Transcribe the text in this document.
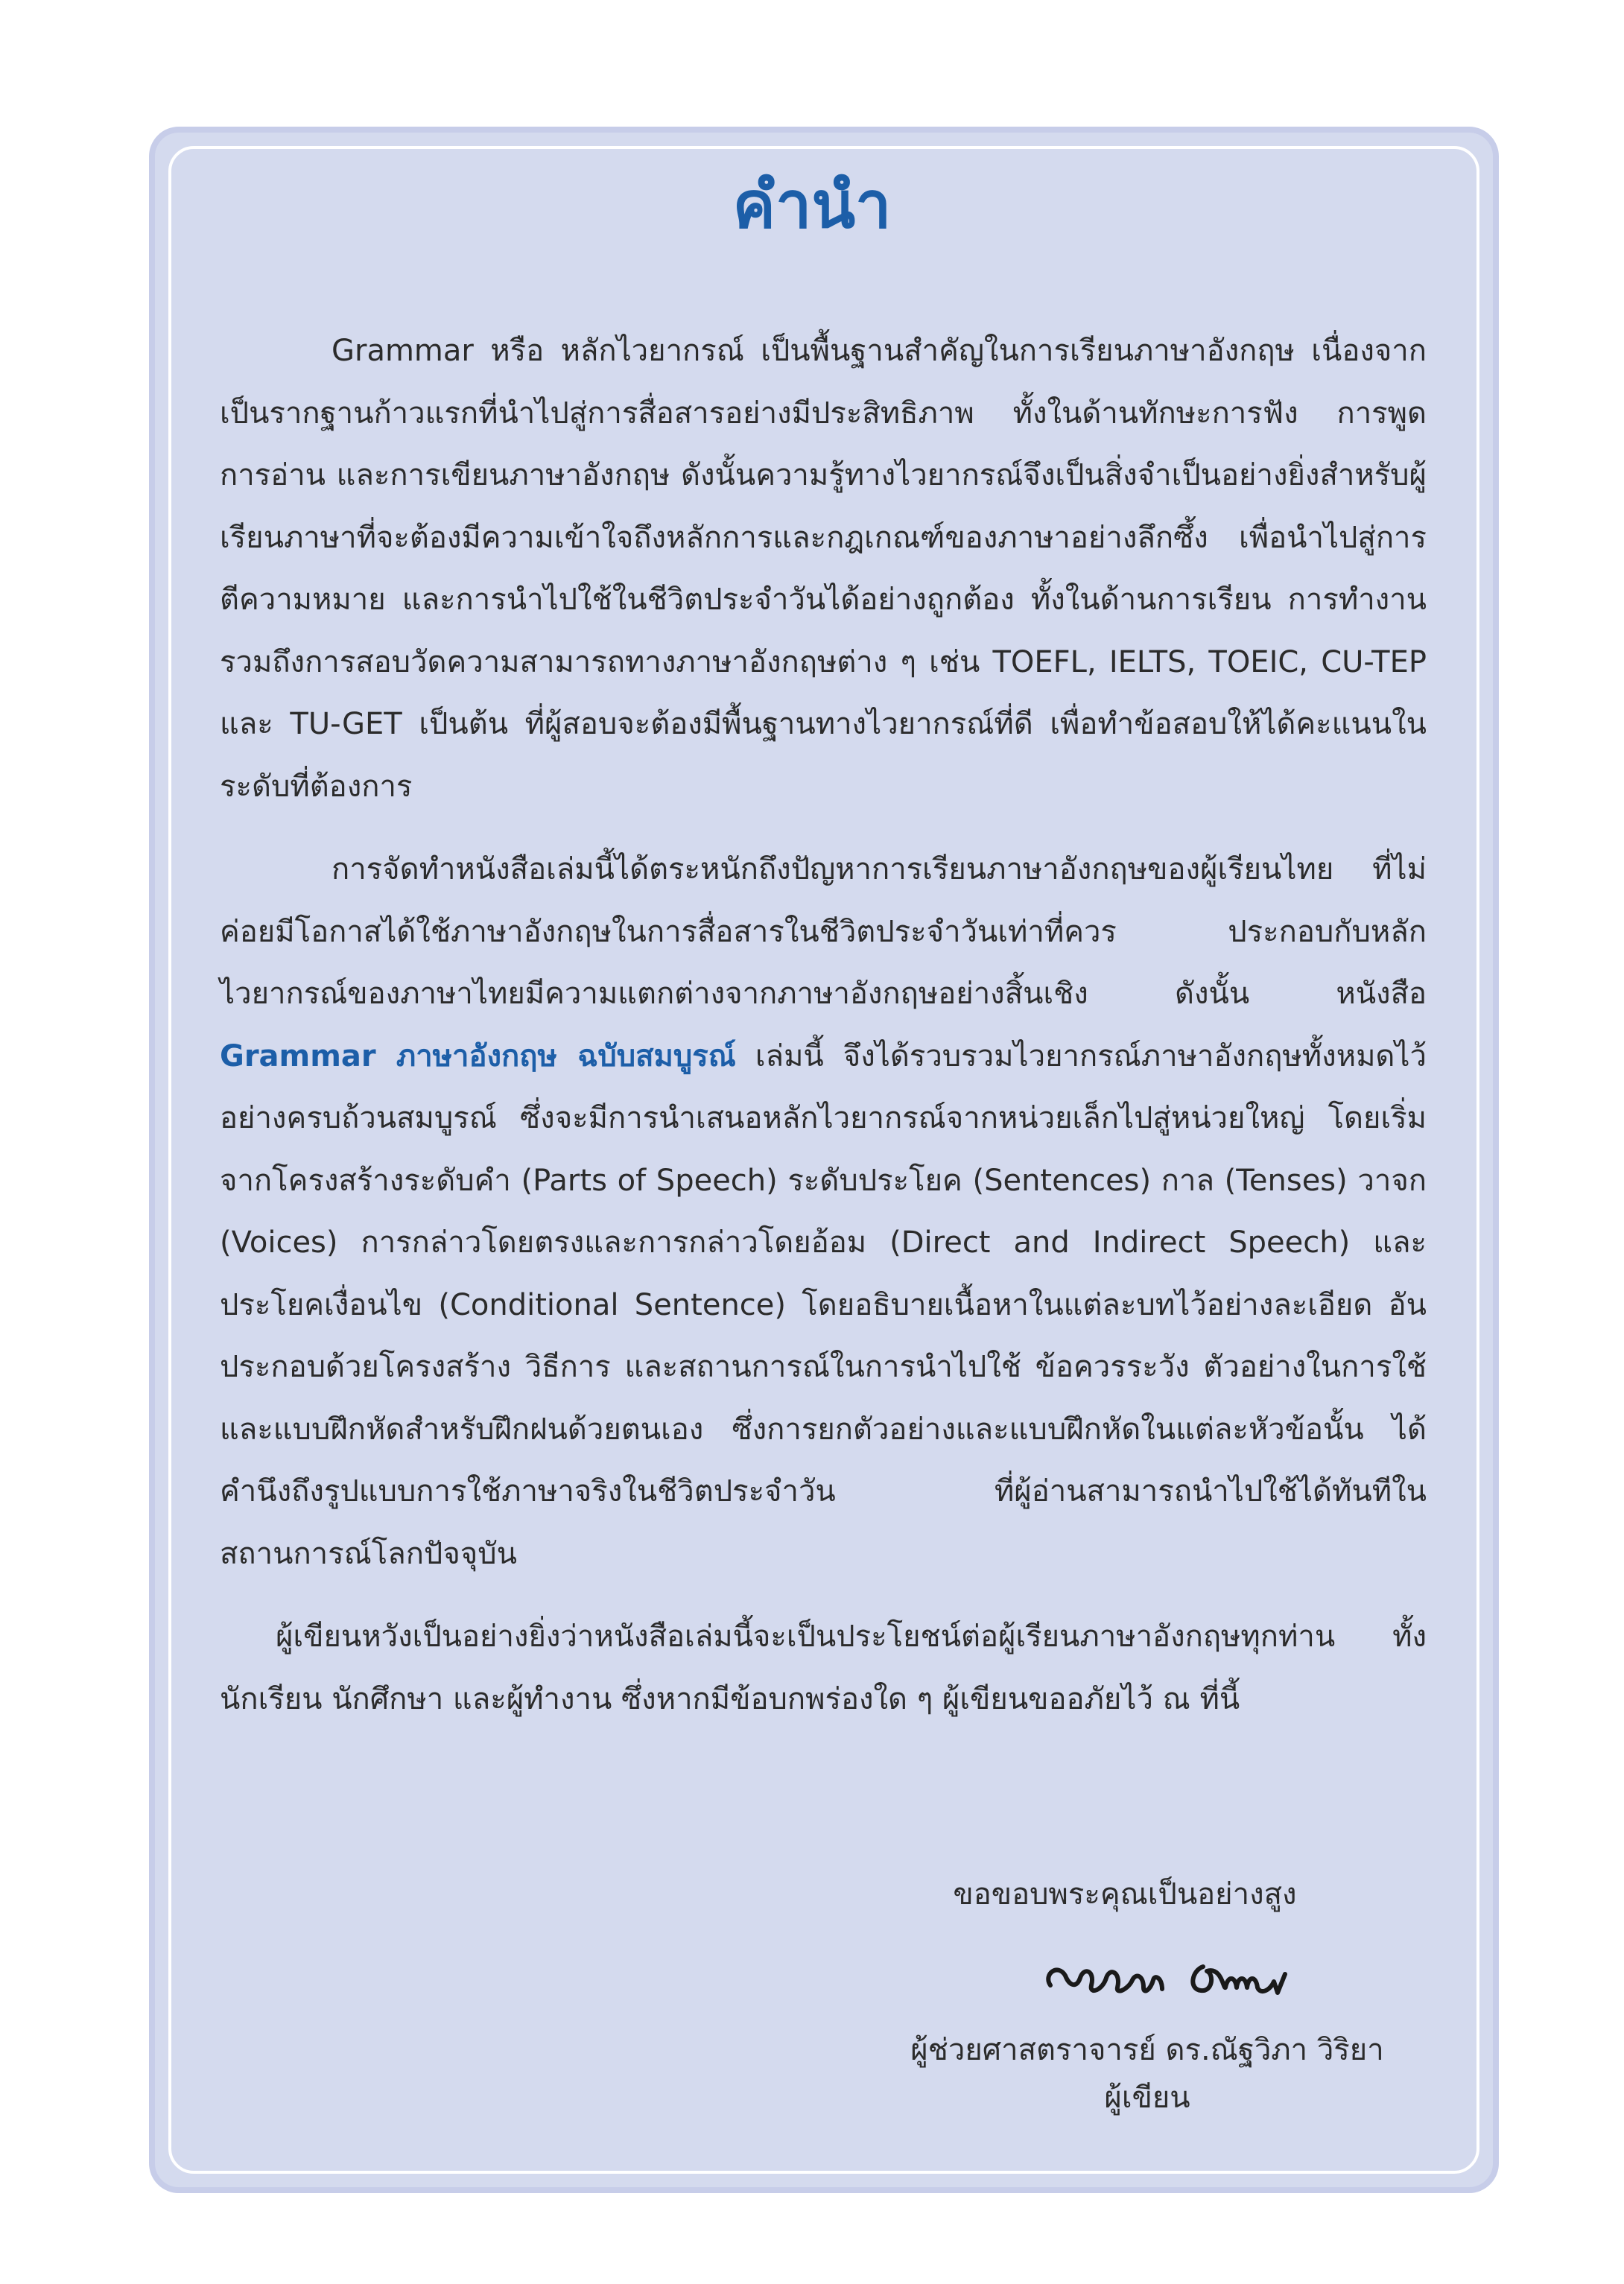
คำนำ

Grammar หรือ หลักไวยากรณ์ เป็นพื้นฐานสำคัญในการเรียนภาษาอังกฤษ เนื่องจากเป็นรากฐานก้าวแรกที่นำไปสู่การสื่อสารอย่างมีประสิทธิภาพ ทั้งในด้านทักษะการฟัง การพูด การอ่าน และการเขียนภาษาอังกฤษ ดังนั้นความรู้ทางไวยากรณ์จึงเป็นสิ่งจำเป็นอย่างยิ่งสำหรับผู้เรียนภาษาที่จะต้องมีความเข้าใจถึงหลักการและกฎเกณฑ์ของภาษาอย่างลึกซึ้ง เพื่อนำไปสู่การตีความหมาย และการนำไปใช้ในชีวิตประจำวันได้อย่างถูกต้อง ทั้งในด้านการเรียน การทำงาน รวมถึงการสอบวัดความสามารถทางภาษาอังกฤษต่าง ๆ เช่น TOEFL, IELTS, TOEIC, CU-TEP และ TU-GET เป็นต้น ที่ผู้สอบจะต้องมีพื้นฐานทางไวยากรณ์ที่ดี เพื่อทำข้อสอบให้ได้คะแนนในระดับที่ต้องการ

การจัดทำหนังสือเล่มนี้ได้ตระหนักถึงปัญหาการเรียนภาษาอังกฤษของผู้เรียนไทย ที่ไม่ค่อยมีโอกาสได้ใช้ภาษาอังกฤษในการสื่อสารในชีวิตประจำวันเท่าที่ควร ประกอบกับหลักไวยากรณ์ของภาษาไทยมีความแตกต่างจากภาษาอังกฤษอย่างสิ้นเชิง ดังนั้น หนังสือ Grammar ภาษาอังกฤษ ฉบับสมบูรณ์ เล่มนี้ จึงได้รวบรวมไวยากรณ์ภาษาอังกฤษทั้งหมดไว้อย่างครบถ้วนสมบูรณ์ ซึ่งจะมีการนำเสนอหลักไวยากรณ์จากหน่วยเล็กไปสู่หน่วยใหญ่ โดยเริ่มจากโครงสร้างระดับคำ (Parts of Speech) ระดับประโยค (Sentences) กาล (Tenses) วาจก (Voices) การกล่าวโดยตรงและการกล่าวโดยอ้อม (Direct and Indirect Speech) และประโยคเงื่อนไข (Conditional Sentence) โดยอธิบายเนื้อหาในแต่ละบทไว้อย่างละเอียด อันประกอบด้วยโครงสร้าง วิธีการ และสถานการณ์ในการนำไปใช้ ข้อควรระวัง ตัวอย่างในการใช้ และแบบฝึกหัดสำหรับฝึกฝนด้วยตนเอง ซึ่งการยกตัวอย่างและแบบฝึกหัดในแต่ละหัวข้อนั้น ได้คำนึงถึงรูปแบบการใช้ภาษาจริงในชีวิตประจำวัน ที่ผู้อ่านสามารถนำไปใช้ได้ทันทีในสถานการณ์โลกปัจจุบัน

ผู้เขียนหวังเป็นอย่างยิ่งว่าหนังสือเล่มนี้จะเป็นประโยชน์ต่อผู้เรียนภาษาอังกฤษทุกท่าน ทั้งนักเรียน นักศึกษา และผู้ทำงาน ซึ่งหากมีข้อบกพร่องใด ๆ ผู้เขียนขออภัยไว้ ณ ที่นี้

ขอขอบพระคุณเป็นอย่างสูง
ผู้ช่วยศาสตราจารย์ ดร.ณัฐวิภา วิริยา
ผู้เขียน
